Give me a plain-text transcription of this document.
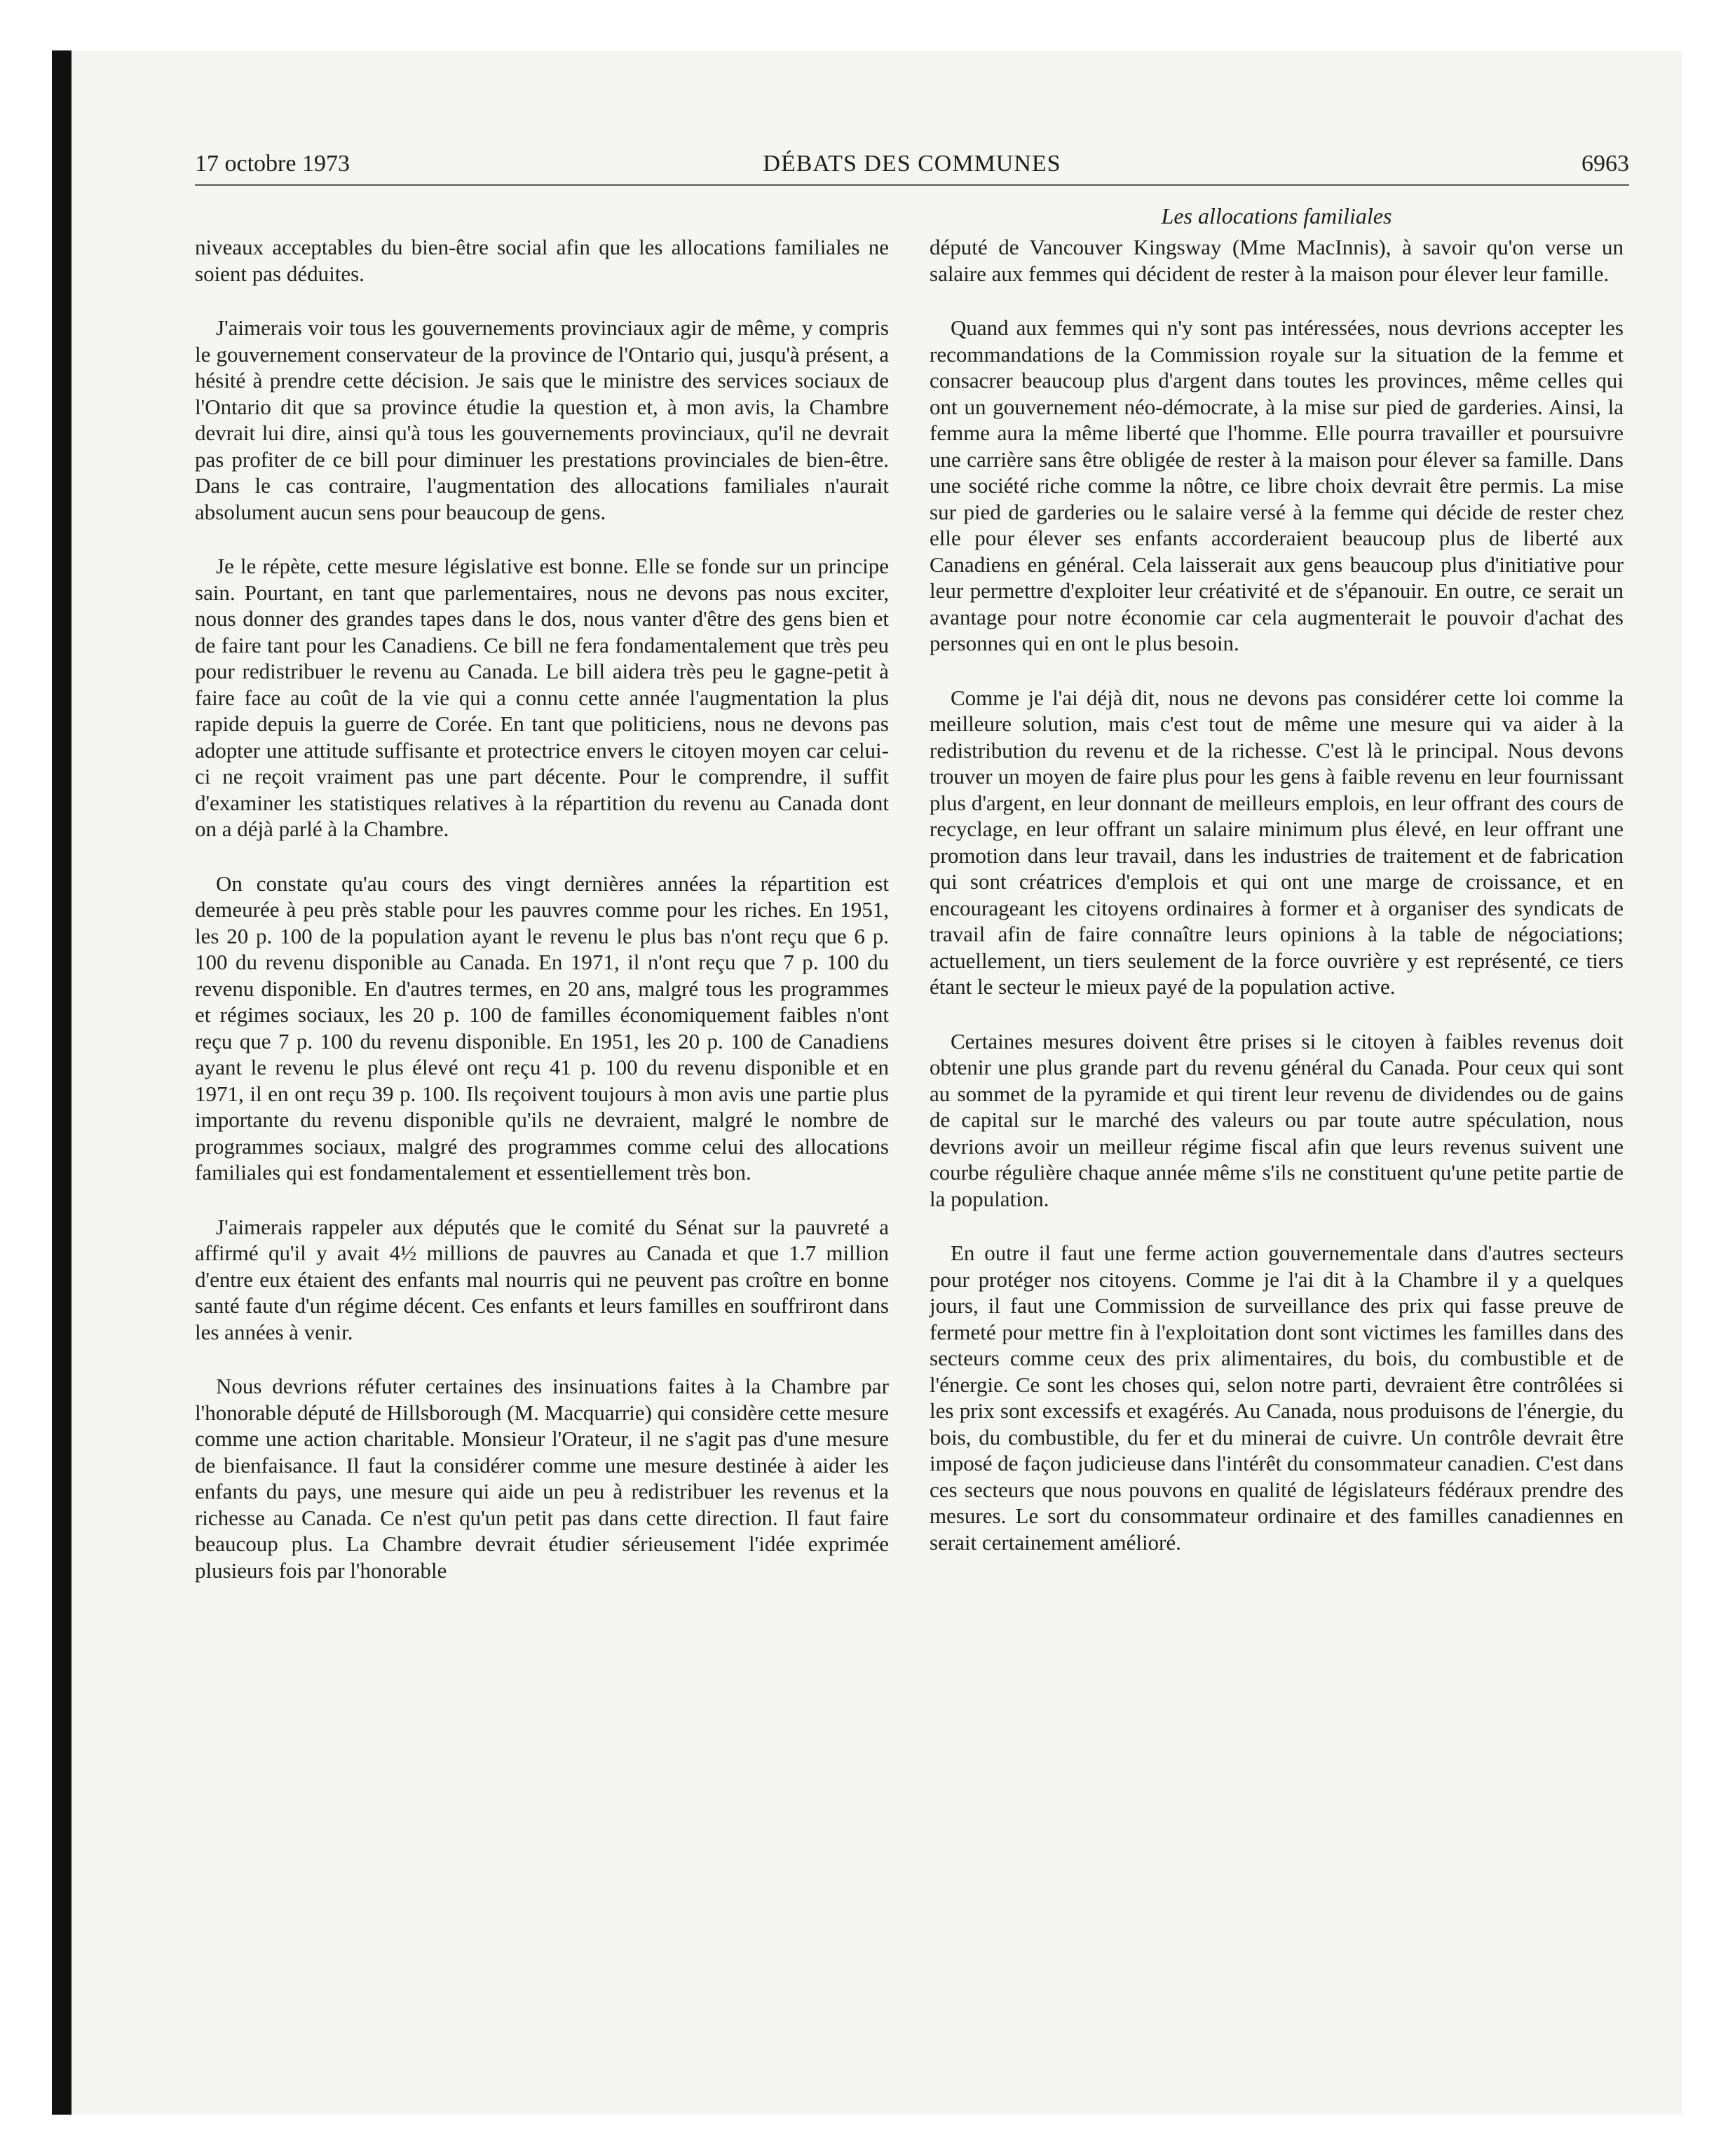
17 octobre 1973	DÉBATS DES COMMUNES	6963

niveaux acceptables du bien-être social afin que les allocations familiales ne soient pas déduites.

J'aimerais voir tous les gouvernements provinciaux agir de même, y compris le gouvernement conservateur de la province de l'Ontario qui, jusqu'à présent, a hésité à prendre cette décision. Je sais que le ministre des services sociaux de l'Ontario dit que sa province étudie la question et, à mon avis, la Chambre devrait lui dire, ainsi qu'à tous les gouvernements provinciaux, qu'il ne devrait pas profiter de ce bill pour diminuer les prestations provinciales de bien-être. Dans le cas contraire, l'augmentation des allocations familiales n'aurait absolument aucun sens pour beaucoup de gens.

Je le répète, cette mesure législative est bonne. Elle se fonde sur un principe sain. Pourtant, en tant que parlementaires, nous ne devons pas nous exciter, nous donner des grandes tapes dans le dos, nous vanter d'être des gens bien et de faire tant pour les Canadiens. Ce bill ne fera fondamentalement que très peu pour redistribuer le revenu au Canada. Le bill aidera très peu le gagne-petit à faire face au coût de la vie qui a connu cette année l'augmentation la plus rapide depuis la guerre de Corée. En tant que politiciens, nous ne devons pas adopter une attitude suffisante et protectrice envers le citoyen moyen car celui-ci ne reçoit vraiment pas une part décente. Pour le comprendre, il suffit d'examiner les statistiques relatives à la répartition du revenu au Canada dont on a déjà parlé à la Chambre.

On constate qu'au cours des vingt dernières années la répartition est demeurée à peu près stable pour les pauvres comme pour les riches. En 1951, les 20 p. 100 de la population ayant le revenu le plus bas n'ont reçu que 6 p. 100 du revenu disponible au Canada. En 1971, il n'ont reçu que 7 p. 100 du revenu disponible. En d'autres termes, en 20 ans, malgré tous les programmes et régimes sociaux, les 20 p. 100 de familles économiquement faibles n'ont reçu que 7 p. 100 du revenu disponible. En 1951, les 20 p. 100 de Canadiens ayant le revenu le plus élevé ont reçu 41 p. 100 du revenu disponible et en 1971, il en ont reçu 39 p. 100. Ils reçoivent toujours à mon avis une partie plus importante du revenu disponible qu'ils ne devraient, malgré le nombre de programmes sociaux, malgré des programmes comme celui des allocations familiales qui est fondamentalement et essentiellement très bon.

J'aimerais rappeler aux députés que le comité du Sénat sur la pauvreté a affirmé qu'il y avait 4½ millions de pauvres au Canada et que 1.7 million d'entre eux étaient des enfants mal nourris qui ne peuvent pas croître en bonne santé faute d'un régime décent. Ces enfants et leurs familles en souffriront dans les années à venir.

Nous devrions réfuter certaines des insinuations faites à la Chambre par l'honorable député de Hillsborough (M. Macquarrie) qui considère cette mesure comme une action charitable. Monsieur l'Orateur, il ne s'agit pas d'une mesure de bienfaisance. Il faut la considérer comme une mesure destinée à aider les enfants du pays, une mesure qui aide un peu à redistribuer les revenus et la richesse au Canada. Ce n'est qu'un petit pas dans cette direction. Il faut faire beaucoup plus. La Chambre devrait étudier sérieusement l'idée exprimée plusieurs fois par l'honorable

Les allocations familiales

député de Vancouver Kingsway (Mme MacInnis), à savoir qu'on verse un salaire aux femmes qui décident de rester à la maison pour élever leur famille.

Quand aux femmes qui n'y sont pas intéressées, nous devrions accepter les recommandations de la Commission royale sur la situation de la femme et consacrer beaucoup plus d'argent dans toutes les provinces, même celles qui ont un gouvernement néo-démocrate, à la mise sur pied de garderies. Ainsi, la femme aura la même liberté que l'homme. Elle pourra travailler et poursuivre une carrière sans être obligée de rester à la maison pour élever sa famille. Dans une société riche comme la nôtre, ce libre choix devrait être permis. La mise sur pied de garderies ou le salaire versé à la femme qui décide de rester chez elle pour élever ses enfants accorderaient beaucoup plus de liberté aux Canadiens en général. Cela laisserait aux gens beaucoup plus d'initiative pour leur permettre d'exploiter leur créativité et de s'épanouir. En outre, ce serait un avantage pour notre économie car cela augmenterait le pouvoir d'achat des personnes qui en ont le plus besoin.

Comme je l'ai déjà dit, nous ne devons pas considérer cette loi comme la meilleure solution, mais c'est tout de même une mesure qui va aider à la redistribution du revenu et de la richesse. C'est là le principal. Nous devons trouver un moyen de faire plus pour les gens à faible revenu en leur fournissant plus d'argent, en leur donnant de meilleurs emplois, en leur offrant des cours de recyclage, en leur offrant un salaire minimum plus élevé, en leur offrant une promotion dans leur travail, dans les industries de traitement et de fabrication qui sont créatrices d'emplois et qui ont une marge de croissance, et en encourageant les citoyens ordinaires à former et à organiser des syndicats de travail afin de faire connaître leurs opinions à la table de négociations; actuellement, un tiers seulement de la force ouvrière y est représenté, ce tiers étant le secteur le mieux payé de la population active.

Certaines mesures doivent être prises si le citoyen à faibles revenus doit obtenir une plus grande part du revenu général du Canada. Pour ceux qui sont au sommet de la pyramide et qui tirent leur revenu de dividendes ou de gains de capital sur le marché des valeurs ou par toute autre spéculation, nous devrions avoir un meilleur régime fiscal afin que leurs revenus suivent une courbe régulière chaque année même s'ils ne constituent qu'une petite partie de la population.

En outre il faut une ferme action gouvernementale dans d'autres secteurs pour protéger nos citoyens. Comme je l'ai dit à la Chambre il y a quelques jours, il faut une Commission de surveillance des prix qui fasse preuve de fermeté pour mettre fin à l'exploitation dont sont victimes les familles dans des secteurs comme ceux des prix alimentaires, du bois, du combustible et de l'énergie. Ce sont les choses qui, selon notre parti, devraient être contrôlées si les prix sont excessifs et exagérés. Au Canada, nous produisons de l'énergie, du bois, du combustible, du fer et du minerai de cuivre. Un contrôle devrait être imposé de façon judicieuse dans l'intérêt du consommateur canadien. C'est dans ces secteurs que nous pouvons en qualité de législateurs fédéraux prendre des mesures. Le sort du consommateur ordinaire et des familles canadiennes en serait certainement amélioré.
